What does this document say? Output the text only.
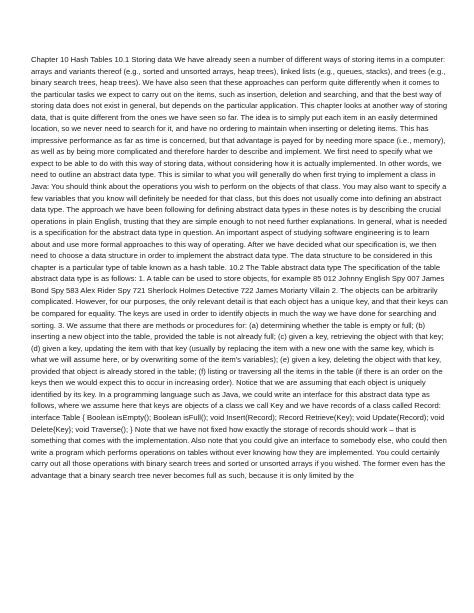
Chapter 10 Hash Tables 10.1 Storing data We have already seen a number of different ways of storing items in a computer: arrays and variants thereof (e.g., sorted and unsorted arrays, heap trees), linked lists (e.g., queues, stacks), and trees (e.g., binary search trees, heap trees). We have also seen that these approaches can perform quite differently when it comes to the particular tasks we expect to carry out on the items, such as insertion, deletion and searching, and that the best way of storing data does not exist in general, but depends on the particular application. This chapter looks at another way of storing data, that is quite different from the ones we have seen so far. The idea is to simply put each item in an easily determined location, so we never need to search for it, and have no ordering to maintain when inserting or deleting items. This has impressive performance as far as time is concerned, but that advantage is payed for by needing more space (i.e., memory), as well as by being more complicated and therefore harder to describe and implement. We first need to specify what we expect to be able to do with this way of storing data, without considering how it is actually implemented. In other words, we need to outline an abstract data type. This is similar to what you will generally do when first trying to implement a class in Java: You should think about the operations you wish to perform on the objects of that class. You may also want to specify a few variables that you know will definitely be needed for that class, but this does not usually come into defining an abstract data type. The approach we have been following for defining abstract data types in these notes is by describing the crucial operations in plain English, trusting that they are simple enough to not need further explanations. In general, what is needed is a specification for the abstract data type in question. An important aspect of studying software engineering is to learn about and use more formal approaches to this way of operating. After we have decided what our specification is, we then need to choose a data structure in order to implement the abstract data type. The data structure to be considered in this chapter is a particular type of table known as a hash table. 10.2 The Table abstract data type The specification of the table abstract data type is as follows: 1. A table can be used to store objects, for example 85 012 Johnny English Spy 007 James Bond Spy 583 Alex Rider Spy 721 Sherlock Holmes Detective 722 James Moriarty Villain 2. The objects can be arbitrarily complicated. However, for our purposes, the only relevant detail is that each object has a unique key, and that their keys can be compared for equality. The keys are used in order to identify objects in much the way we have done for searching and sorting. 3. We assume that there are methods or procedures for: (a) determining whether the table is empty or full; (b) inserting a new object into the table, provided the table is not already full; (c) given a key, retrieving the object with that key; (d) given a key, updating the item with that key (usually by replacing the item with a new one with the same key, which is what we will assume here, or by overwriting some of the item's variables); (e) given a key, deleting the object with that key, provided that object is already stored in the table; (f) listing or traversing all the items in the table (if there is an order on the keys then we would expect this to occur in increasing order). Notice that we are assuming that each object is uniquely identified by its key. In a programming language such as Java, we could write an interface for this abstract data type as follows, where we assume here that keys are objects of a class we call Key and we have records of a class called Record: interface Table { Boolean isEmpty(); Boolean isFull(); void Insert(Record); Record Retrieve(Key); void Update(Record); void Delete{Key}; void Traverse(); } Note that we have not fixed how exactly the storage of records should work – that is something that comes with the implementation. Also note that you could give an interface to somebody else, who could then write a program which performs operations on tables without ever knowing how they are implemented. You could certainly carry out all those operations with binary search trees and sorted or unsorted arrays if you wished. The former even has the advantage that a binary search tree never becomes full as such, because it is only limited by the
